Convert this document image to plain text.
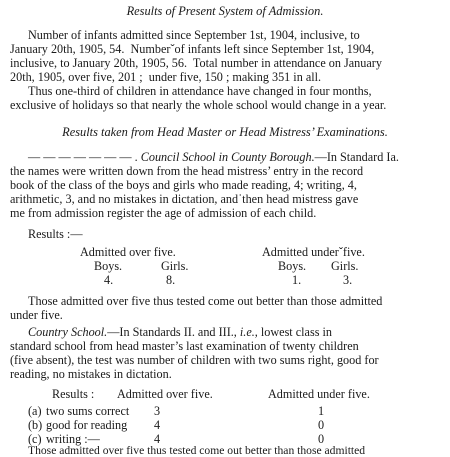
Results of Present System of Admission.

Number of infants admitted since September 1st, 1904, inclusive, to

January 20th, 1905, 54.  Numberˇof infants left since September 1st, 1904,

inclusive, to January 20th, 1905, 56.  Total number in attendance on January

20th, 1905, over five, 201 ;  under five, 150 ; making 351 in all.

Thus one-third of children in attendance have changed in four months,

exclusive of holidays so that nearly the whole school would change in a year.

Results taken from Head Master or Head Mistress’ Examinations.

— — — — — — — . Council School in County Borough.—In Standard Ia.

the names were written down from the head mistress’ entry in the record

book of the class of the boys and girls who made reading, 4; writing, 4,

arithmetic, 3, and no mistakes in dictation, andˈthen head mistress gave

me from admission register the age of admission of each child.

Results :—

Admitted over five.	Admitted underˇfive.

Boys.	Girls.	Boys. Girls.

4.	8.	1.	3.

Those admitted over five thus tested come out better than those admitted

under five.

Country School.—In Standards II. and III., i.e., lowest class in

standard school from head master’s last examination of twenty children

(five absent), the test was number of children with two sums right, good for

reading, no mistakes in dictation.

Results : Admitted over five.	Admitted under five.

(a) two sums correct 3	1

(b) good for reading 4	0

(c) writing :—	4	0

Those admitted over five thus tested come out better than those admitted
